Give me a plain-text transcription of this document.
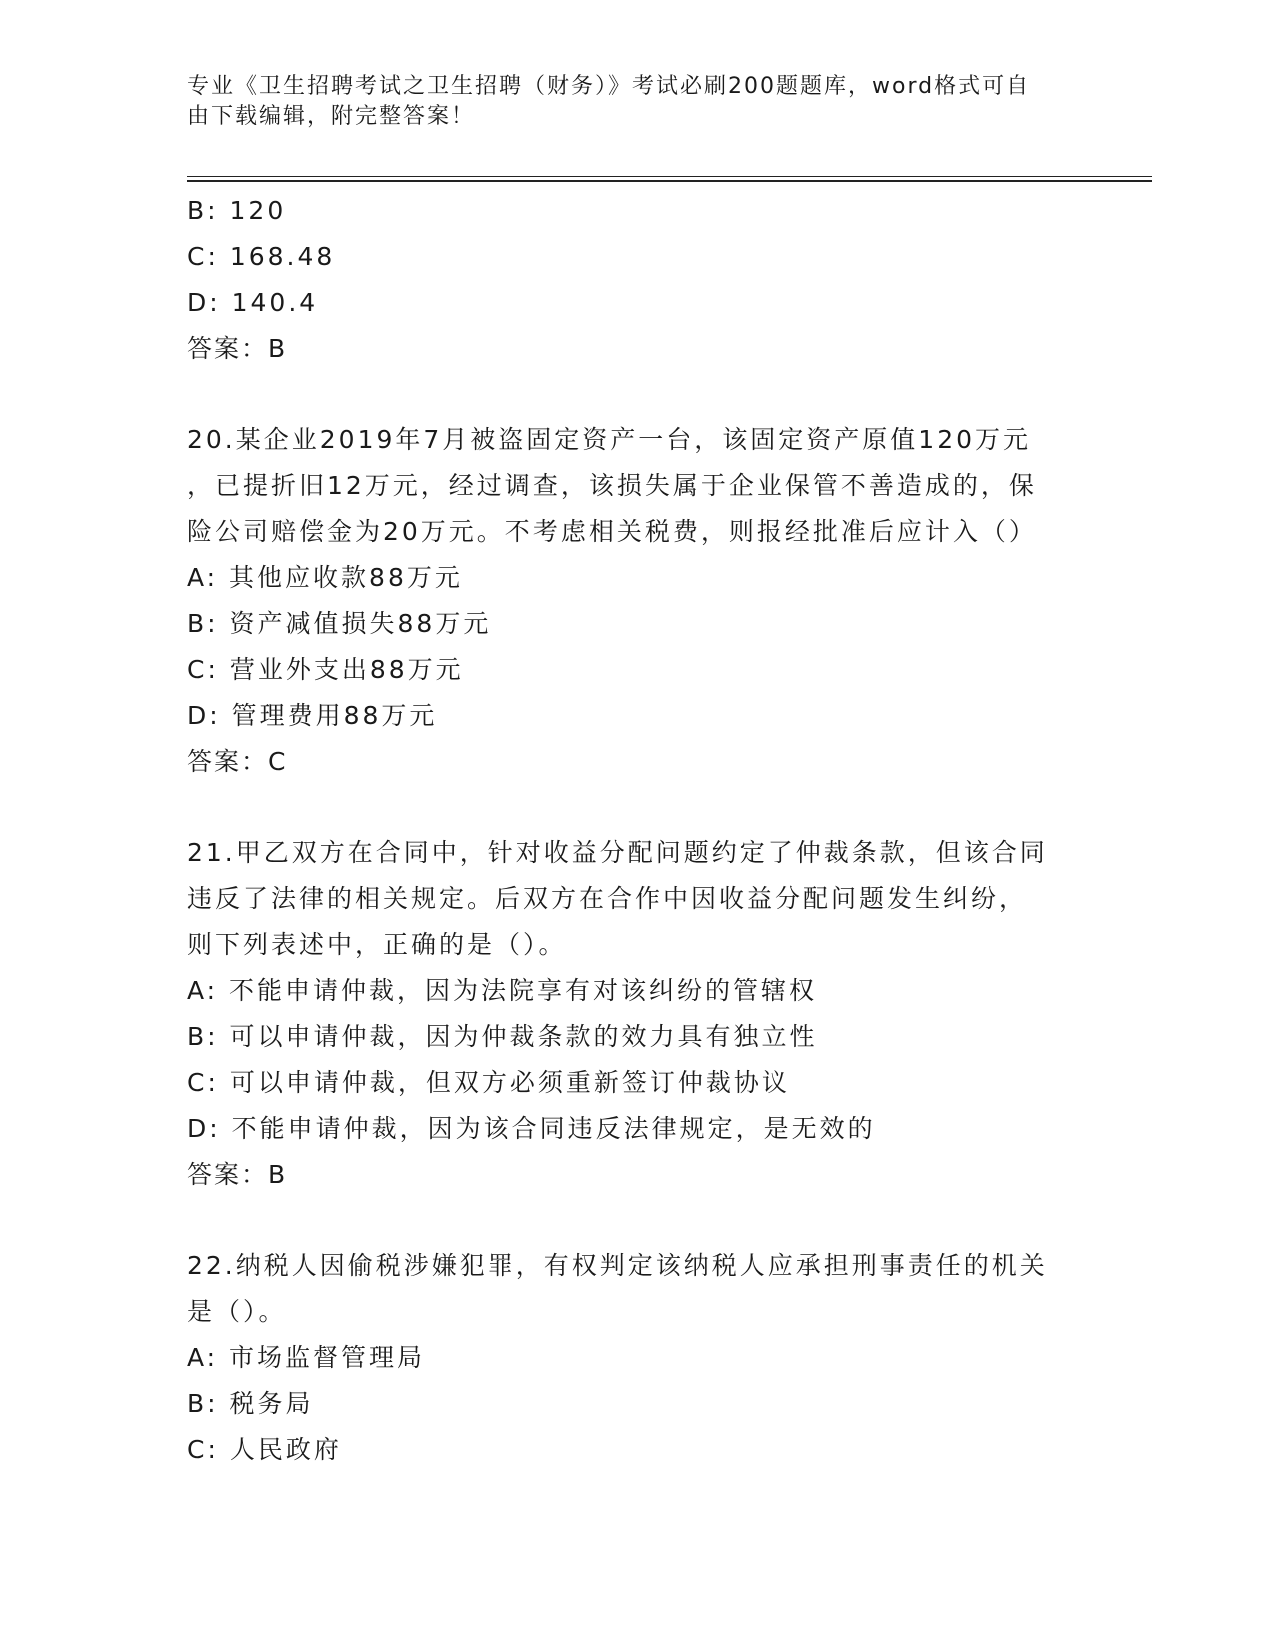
专业《卫生招聘考试之卫生招聘（财务）》考试必刷200题题库，word格式可自
由下载编辑，附完整答案！
B: 120
C: 168.48
D: 140.4
答案：B
20.某企业2019年7月被盗固定资产一台，该固定资产原值120万元
，已提折旧12万元，经过调查，该损失属于企业保管不善造成的，保
险公司赔偿金为20万元。不考虑相关税费，则报经批准后应计入（）
A: 其他应收款88万元
B: 资产减值损失88万元
C: 营业外支出88万元
D: 管理费用88万元
答案：C
21.甲乙双方在合同中，针对收益分配问题约定了仲裁条款，但该合同
违反了法律的相关规定。后双方在合作中因收益分配问题发生纠纷，
则下列表述中，正确的是（）。
A: 不能申请仲裁，因为法院享有对该纠纷的管辖权
B: 可以申请仲裁，因为仲裁条款的效力具有独立性
C: 可以申请仲裁，但双方必须重新签订仲裁协议
D: 不能申请仲裁，因为该合同违反法律规定，是无效的
答案：B
22.纳税人因偷税涉嫌犯罪，有权判定该纳税人应承担刑事责任的机关
是（）。
A: 市场监督管理局
B: 税务局
C: 人民政府
